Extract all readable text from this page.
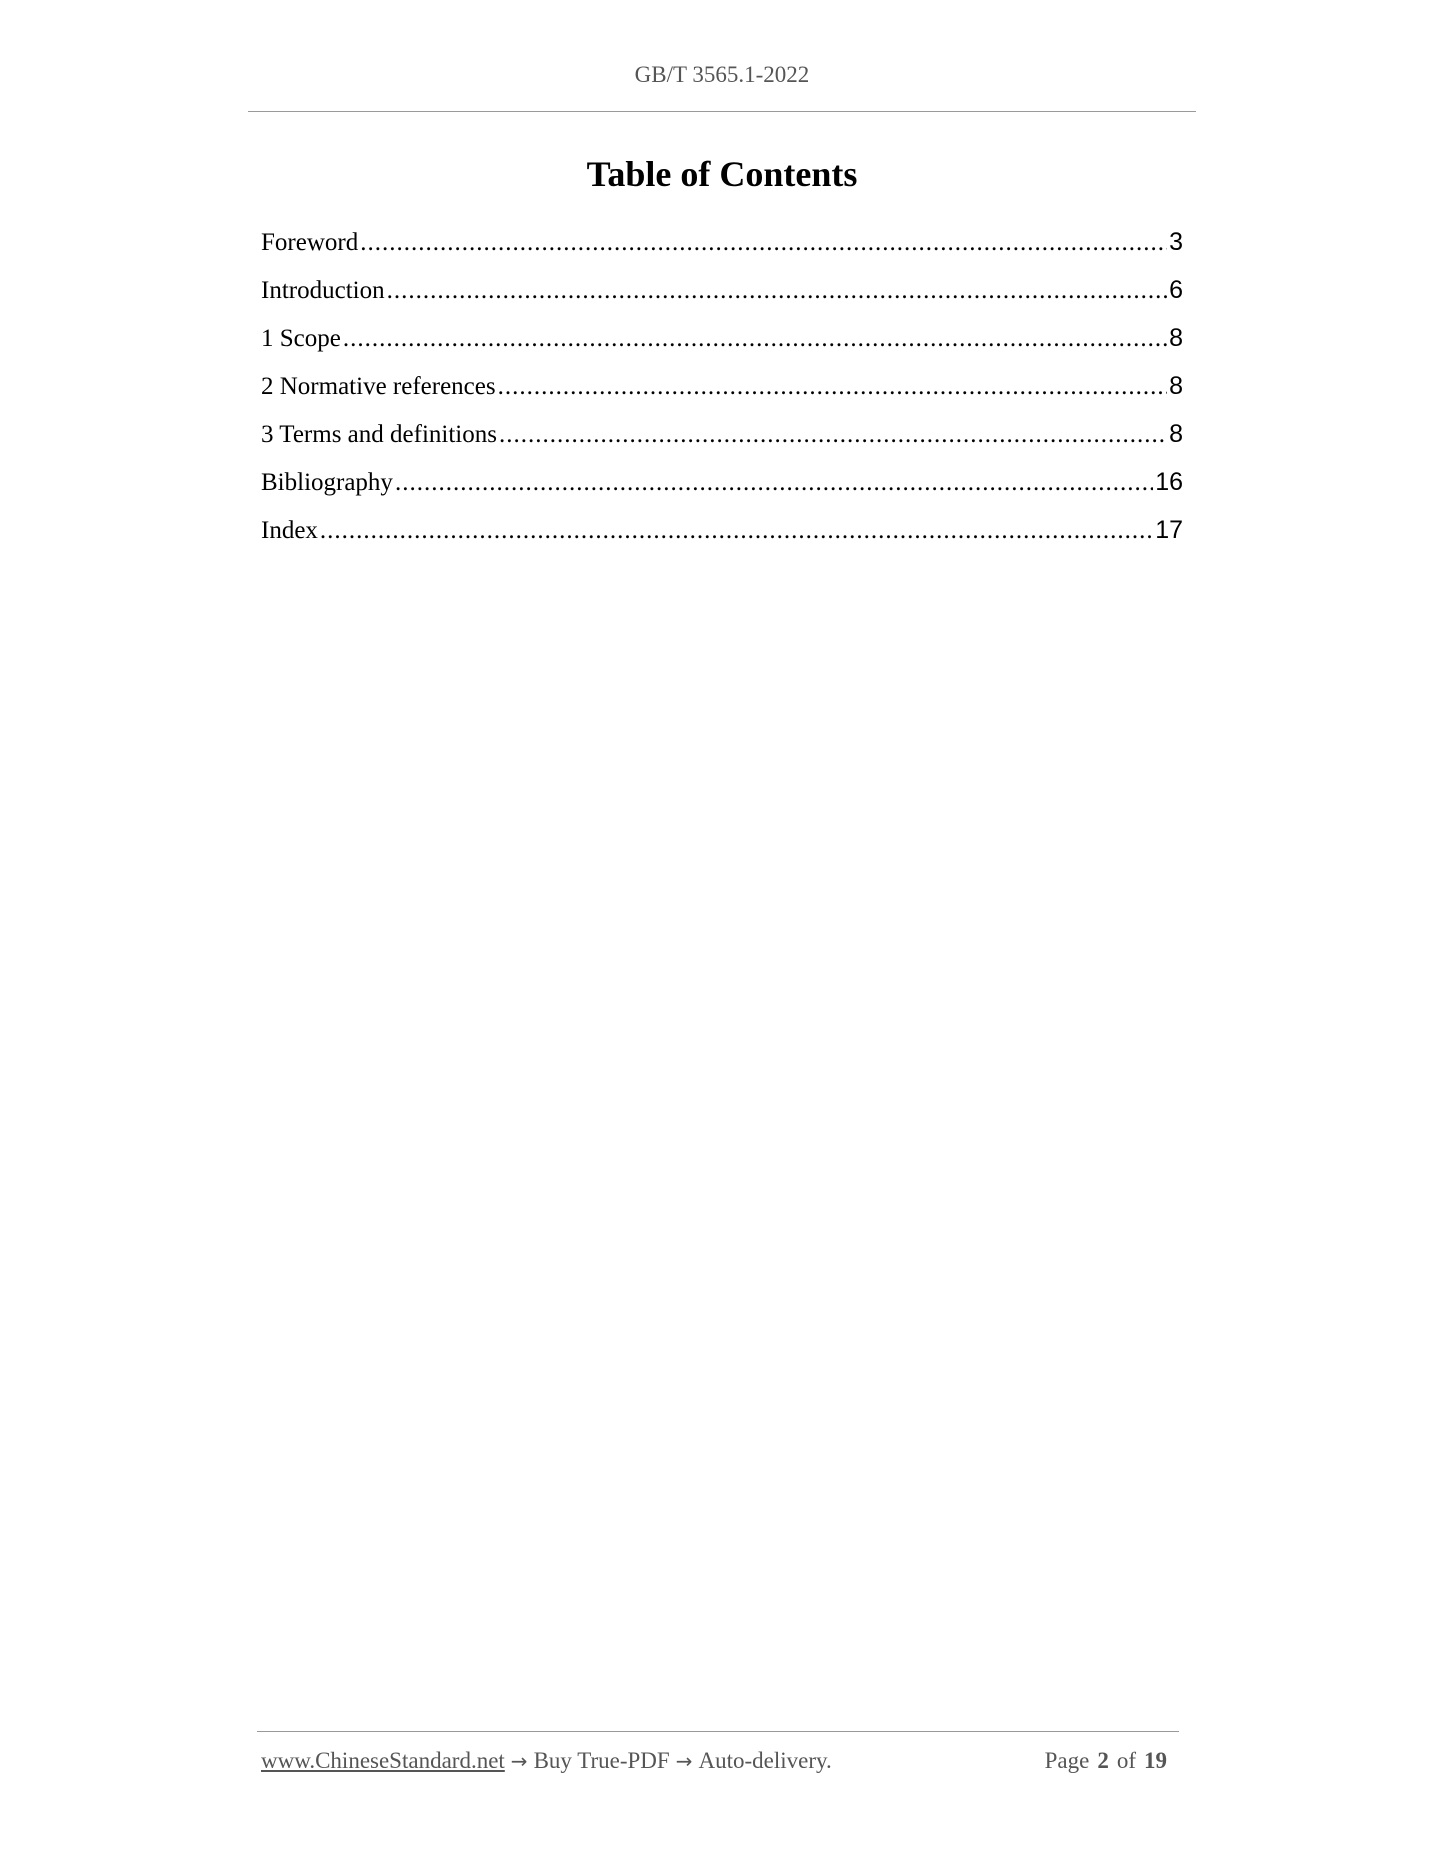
GB/T 3565.1-2022
Table of Contents
Foreword .....	3
Introduction .....	6
1 Scope .....	8
2 Normative references .....	8
3 Terms and definitions .....	8
Bibliography .....	16
Index .....	17
www.ChineseStandard.net → Buy True-PDF → Auto-delivery.	Page 2 of 19
